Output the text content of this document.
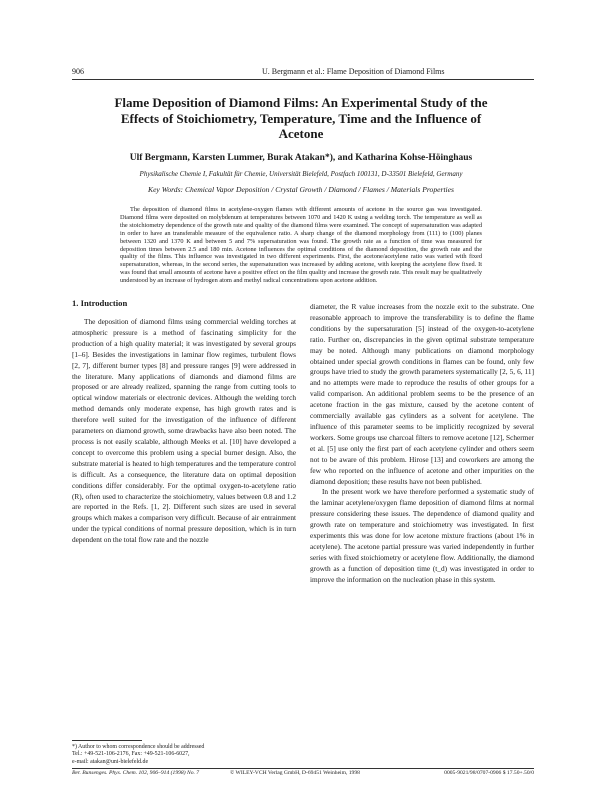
906	U. Bergmann et al.: Flame Deposition of Diamond Films
Flame Deposition of Diamond Films: An Experimental Study of the Effects of Stoichiometry, Temperature, Time and the Influence of Acetone
Ulf Bergmann, Karsten Lummer, Burak Atakan*), and Katharina Kohse-Höinghaus
Physikalische Chemie I, Fakultät für Chemie, Universität Bielefeld, Postfach 100131, D-33501 Bielefeld, Germany
Key Words: Chemical Vapor Deposition / Crystal Growth / Diamond / Flames / Materials Properties
The deposition of diamond films in acetylene-oxygen flames with different amounts of acetone in the source gas was investigated. Diamond films were deposited on molybdenum at temperatures between 1070 and 1420 K using a welding torch. The temperature as well as the stoichiometry dependence of the growth rate and quality of the diamond films were examined. The concept of supersaturation was adapted in order to have an transferable measure of the equivalence ratio. A sharp change of the diamond morphology from (111) to (100) planes between 1320 and 1370 K and between 5 and 7% supersaturation was found. The growth rate as a function of time was measured for deposition times between 2.5 and 180 min. Acetone influences the optimal conditions of the diamond deposition, the growth rate and the quality of the films. This influence was investigated in two different experiments. First, the acetone/acetylene ratio was varied with fixed supersaturation, whereas, in the second series, the supersaturation was increased by adding acetone, with keeping the acetylene flow fixed. It was found that small amounts of acetone have a positive effect on the film quality and increase the growth rate. This result may be qualitatively understood by an increase of hydrogen atom and methyl radical concentrations upon acetone addition.
1. Introduction

The deposition of diamond films using commercial welding torches at atmospheric pressure is a method of fascinating simplicity for the production of a high quality material; it was investigated by several groups [1–6]. Besides the investigations in laminar flow regimes, turbulent flows [2, 7], different burner types [8] and pressure ranges [9] were addressed in the literature. Many applications of diamonds and diamond films are proposed or are already realized, spanning the range from cutting tools to optical window materials or electronic devices. Although the welding torch method demands only moderate expense, has high growth rates and is therefore well suited for the investigation of the influence of different parameters on diamond growth, some drawbacks have also been noted. The process is not easily scalable, although Meeks et al. [10] have developed a concept to overcome this problem using a special burner design. Also, the substrate material is heated to high temperatures and the temperature control is difficult. As a consequence, the literature data on optimal deposition conditions differ considerably. For the optimal oxygen-to-acetylene ratio (R), often used to characterize the stoichiometry, values between 0.8 and 1.2 are reported in the Refs. [1, 2]. Different such sizes are used in several groups which makes a comparison very difficult. Because of air entrainment under the typical conditions of normal pressure deposition, which is in turn dependent on the total flow rate and the nozzle

diameter, the R value increases from the nozzle exit to the substrate. One reasonable approach to improve the transferability is to define the flame conditions by the supersaturation [5] instead of the oxygen-to-acetylene ratio. Further on, discrepancies in the given optimal substrate temperature may be noted. Although many publications on diamond morphology obtained under special growth conditions in flames can be found, only few groups have tried to study the growth parameters systematically [2, 5, 6, 11] and no attempts were made to reproduce the results of other groups for a valid comparison. An additional problem seems to be the presence of an acetone fraction in the gas mixture, caused by the acetone content of commercially available gas cylinders as a solvent for acetylene. The influence of this parameter seems to be implicitly recognized by several workers. Some groups use charcoal filters to remove acetone [12], Schermer et al. [5] use only the first part of each acetylene cylinder and others seem not to be aware of this problem. Hirose [13] and coworkers are among the few who reported on the influence of acetone and other impurities on the diamond deposition; these results have not been published.

In the present work we have therefore performed a systematic study of the laminar acetylene/oxygen flame deposition of diamond films at normal pressure considering these issues. The dependence of diamond quality and growth rate on temperature and stoichiometry was investigated. In first experiments this was done for low acetone mixture fractions (about 1% in acetylene). The acetone partial pressure was varied independently in further series with fixed stoichiometry or acetylene flow. Additionally, the diamond growth as a function of deposition time (t_d) was investigated in order to improve the information on the nucleation phase in this system.

*) Author to whom correspondence should be addressed
Tel.: +49-521-106-2176, Fax: +49-521-106-6027,
e-mail: atakan@uni-bielefeld.de
Ber. Bunsenges. Phys. Chem. 102, 906–914 (1998) No. 7	© WILEY-VCH Verlag GmbH, D-69451 Weinheim, 1998	0005-9021/98/0707-0906 $ 17.50+.50/0
